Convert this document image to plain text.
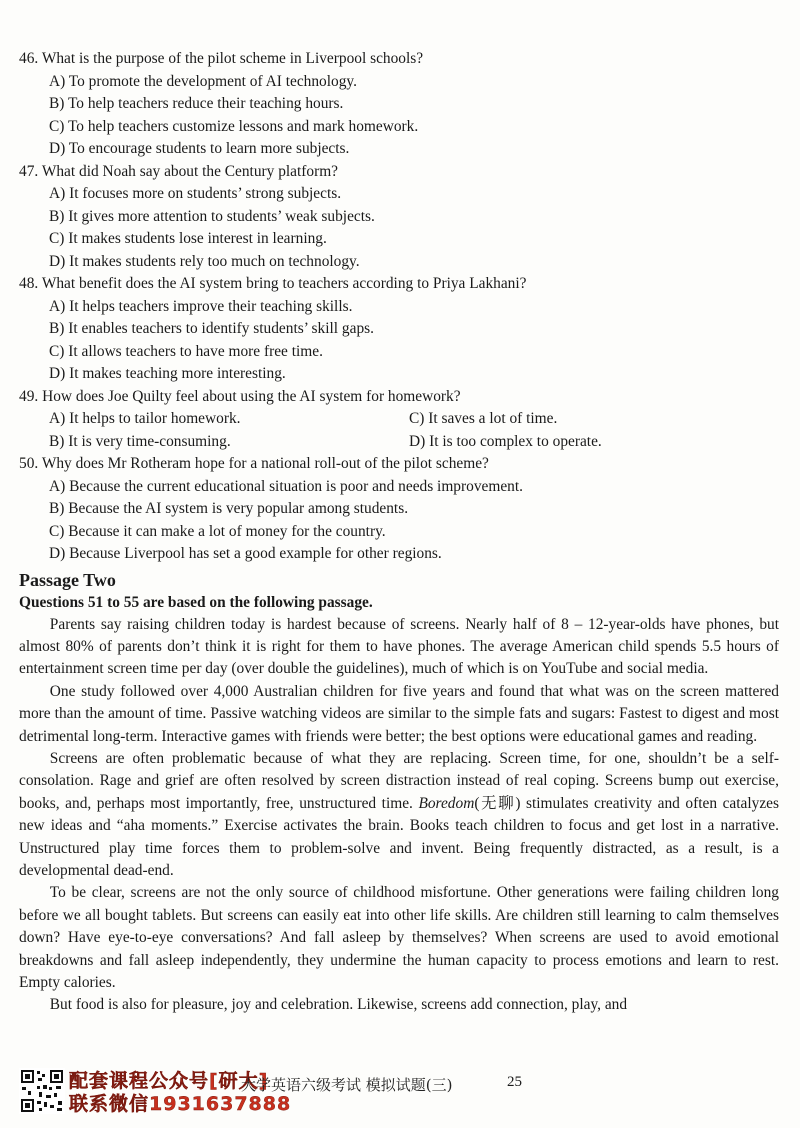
46. What is the purpose of the pilot scheme in Liverpool schools?
A) To promote the development of AI technology.
B) To help teachers reduce their teaching hours.
C) To help teachers customize lessons and mark homework.
D) To encourage students to learn more subjects.
47. What did Noah say about the Century platform?
A) It focuses more on students’ strong subjects.
B) It gives more attention to students’ weak subjects.
C) It makes students lose interest in learning.
D) It makes students rely too much on technology.
48. What benefit does the AI system bring to teachers according to Priya Lakhani?
A) It helps teachers improve their teaching skills.
B) It enables teachers to identify students’ skill gaps.
C) It allows teachers to have more free time.
D) It makes teaching more interesting.
49. How does Joe Quilty feel about using the AI system for homework?
A) It helps to tailor homework.	C) It saves a lot of time.
B) It is very time-consuming.	D) It is too complex to operate.
50. Why does Mr Rotheram hope for a national roll-out of the pilot scheme?
A) Because the current educational situation is poor and needs improvement.
B) Because the AI system is very popular among students.
C) Because it can make a lot of money for the country.
D) Because Liverpool has set a good example for other regions.
Passage Two
Questions 51 to 55 are based on the following passage.

Parents say raising children today is hardest because of screens. Nearly half of 8 – 12-year-olds have phones, but almost 80% of parents don’t think it is right for them to have phones. The average American child spends 5.5 hours of entertainment screen time per day (over double the guidelines), much of which is on YouTube and social media.

One study followed over 4,000 Australian children for five years and found that what was on the screen mattered more than the amount of time. Passive watching videos are similar to the simple fats and sugars: Fastest to digest and most detrimental long-term. Interactive games with friends were better; the best options were educational games and reading.

Screens are often problematic because of what they are replacing. Screen time, for one, shouldn’t be a self-consolation. Rage and grief are often resolved by screen distraction instead of real coping. Screens bump out exercise, books, and, perhaps most importantly, free, unstructured time. Boredom(无聊) stimulates creativity and often catalyzes new ideas and “aha moments.” Exercise activates the brain. Books teach children to focus and get lost in a narrative. Unstructured play time forces them to problem-solve and invent. Being frequently distracted, as a result, is a developmental dead-end.

To be clear, screens are not the only source of childhood misfortune. Other generations were failing children long before we all bought tablets. But screens can easily eat into other life skills. Are children still learning to calm themselves down? Have eye-to-eye conversations? And fall asleep by themselves? When screens are used to avoid emotional breakdowns and fall asleep independently, they undermine the human capacity to process emotions and learn to rest. Empty calories.

But food is also for pleasure, joy and celebration. Likewise, screens add connection, play, and

配套课程公众号[研大]
联系微信1931637888
大学英语六级考试 模拟试题(三)	25
